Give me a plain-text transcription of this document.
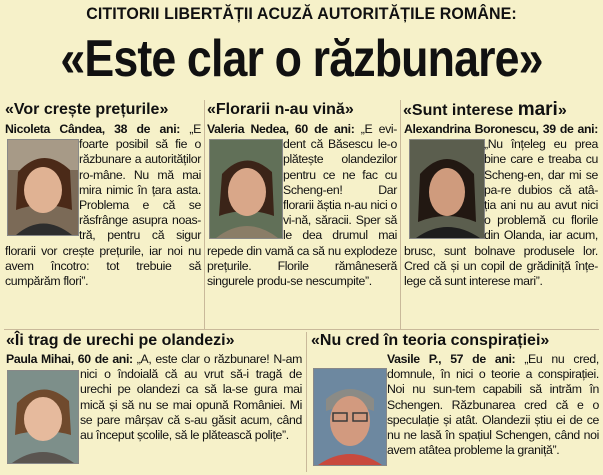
CITITORII LIBERTĂȚII ACUZĂ AUTORITĂȚILE ROMÂNE:
«Este clar o răzbunare»
«Vor crește prețurile»
Nicoleta Cândea, 38 de ani: „E foarte posibil să fie o răzbunare a autorităților ro-mâne. Nu mă mai mira nimic în țara asta. Problema e că se răsfrânge asupra noas-tră, pentru că sigur florarii vor crește prețurile, iar noi nu avem încotro: tot trebuie să cumpărăm flori”.
«Florarii n-au vină»
Valeria Nedea, 60 de ani: „E evi-dent că Băsescu le-o plătește olandezilor pentru ce ne fac cu Scheng-en! Dar florarii ăștia n-au nici o vi-nă, săracii. Sper să le dea drumul mai repede din vamă ca să nu explodeze prețurile. Florile rămâneseră singurele produ-se nescumpite”.
«Sunt interese mari»
Alexandrina Boronescu, 39 de ani: „Nu înțeleg eu prea bine care e treaba cu Scheng-en, dar mi se pa-re dubios că atâ-ția ani nu au avut nici o problemă cu florile din Olanda, iar acum, brusc, sunt bolnave produsele lor. Cred că și un copil de grădiniță înțe-lege că sunt interese mari”.
«Îi trag de urechi pe olandezi»
Paula Mihai, 60 de ani: „A, este clar o răzbunare! N-am nici o îndoială că au vrut să-i tragă de urechi pe olandezi ca să la-se gura mai mică și să nu se mai opună României. Mi se pare mârșav că s-au găsit acum, când au început școlile, să le plătească polițe”.
«Nu cred în teoria conspirației»
Vasile P., 57 de ani: „Eu nu cred, domnule, în nici o teorie a conspirației. Noi nu sun-tem capabili să intrăm în Schengen. Răzbunarea cred că e o speculație și atât. Olandezii știu ei de ce nu ne lasă în spațiul Schengen, când noi avem atâtea probleme la graniță”.
